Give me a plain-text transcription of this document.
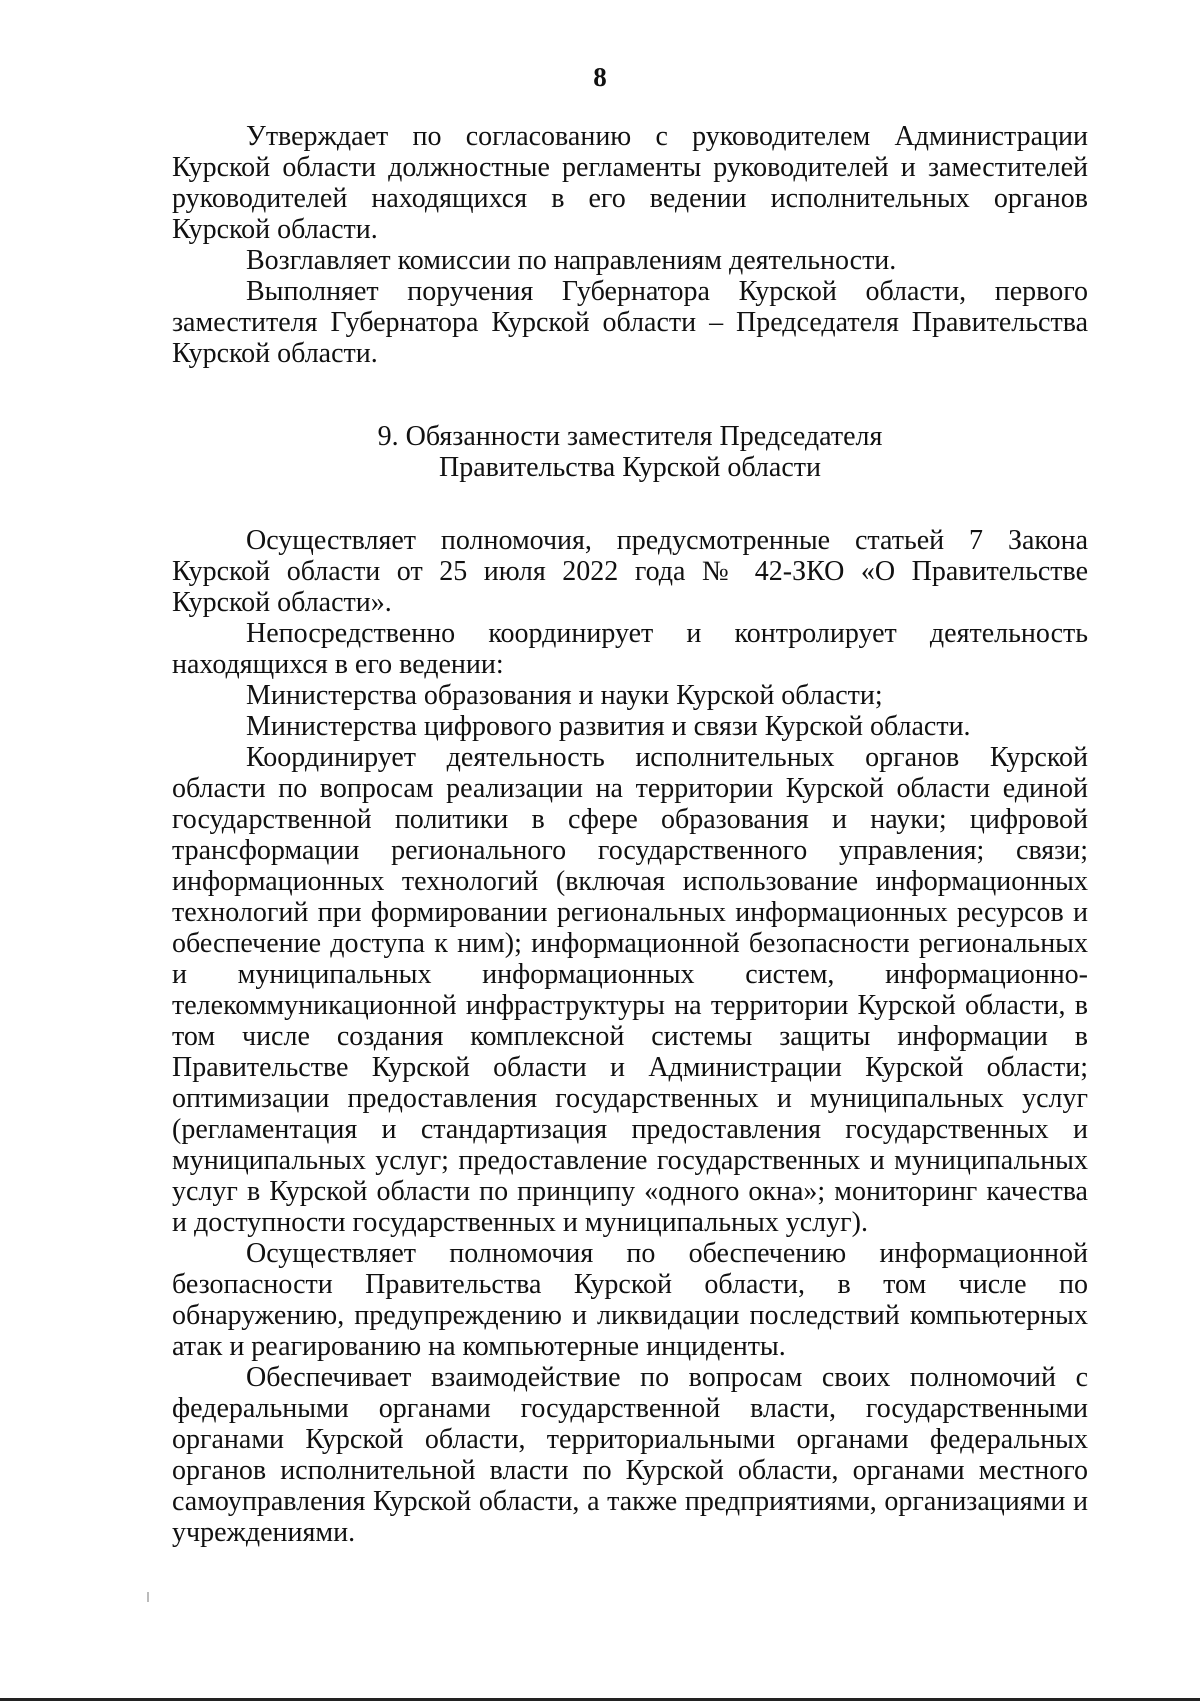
8

Утверждает по согласованию с руководителем Администрации Курской области должностные регламенты руководителей и заместителей руководителей находящихся в его ведении исполнительных органов Курской области.

Возглавляет комиссии по направлениям деятельности.

Выполняет поручения Губернатора Курской области, первого заместителя Губернатора Курской области – Председателя Правительства Курской области.

9. Обязанности заместителя Председателя
Правительства Курской области

Осуществляет полномочия, предусмотренные статьей 7 Закона Курской области от 25 июля 2022 года № 42-ЗКО «О Правительстве Курской области».

Непосредственно координирует и контролирует деятельность находящихся в его ведении:

Министерства образования и науки Курской области;

Министерства цифрового развития и связи Курской области.

Координирует деятельность исполнительных органов Курской области по вопросам реализации на территории Курской области единой государственной политики в сфере образования и науки; цифровой трансформации регионального государственного управления; связи; информационных технологий (включая использование информационных технологий при формировании региональных информационных ресурсов и обеспечение доступа к ним); информационной безопасности региональных и муниципальных информационных систем, информационно-телекоммуникационной инфраструктуры на территории Курской области, в том числе создания комплексной системы защиты информации в Правительстве Курской области и Администрации Курской области; оптимизации предоставления государственных и муниципальных услуг (регламентация и стандартизация предоставления государственных и муниципальных услуг; предоставление государственных и муниципальных услуг в Курской области по принципу «одного окна»; мониторинг качества и доступности государственных и муниципальных услуг).

Осуществляет полномочия по обеспечению информационной безопасности Правительства Курской области, в том числе по обнаружению, предупреждению и ликвидации последствий компьютерных атак и реагированию на компьютерные инциденты.

Обеспечивает взаимодействие по вопросам своих полномочий с федеральными органами государственной власти, государственными органами Курской области, территориальными органами федеральных органов исполнительной власти по Курской области, органами местного самоуправления Курской области, а также предприятиями, организациями и учреждениями.
